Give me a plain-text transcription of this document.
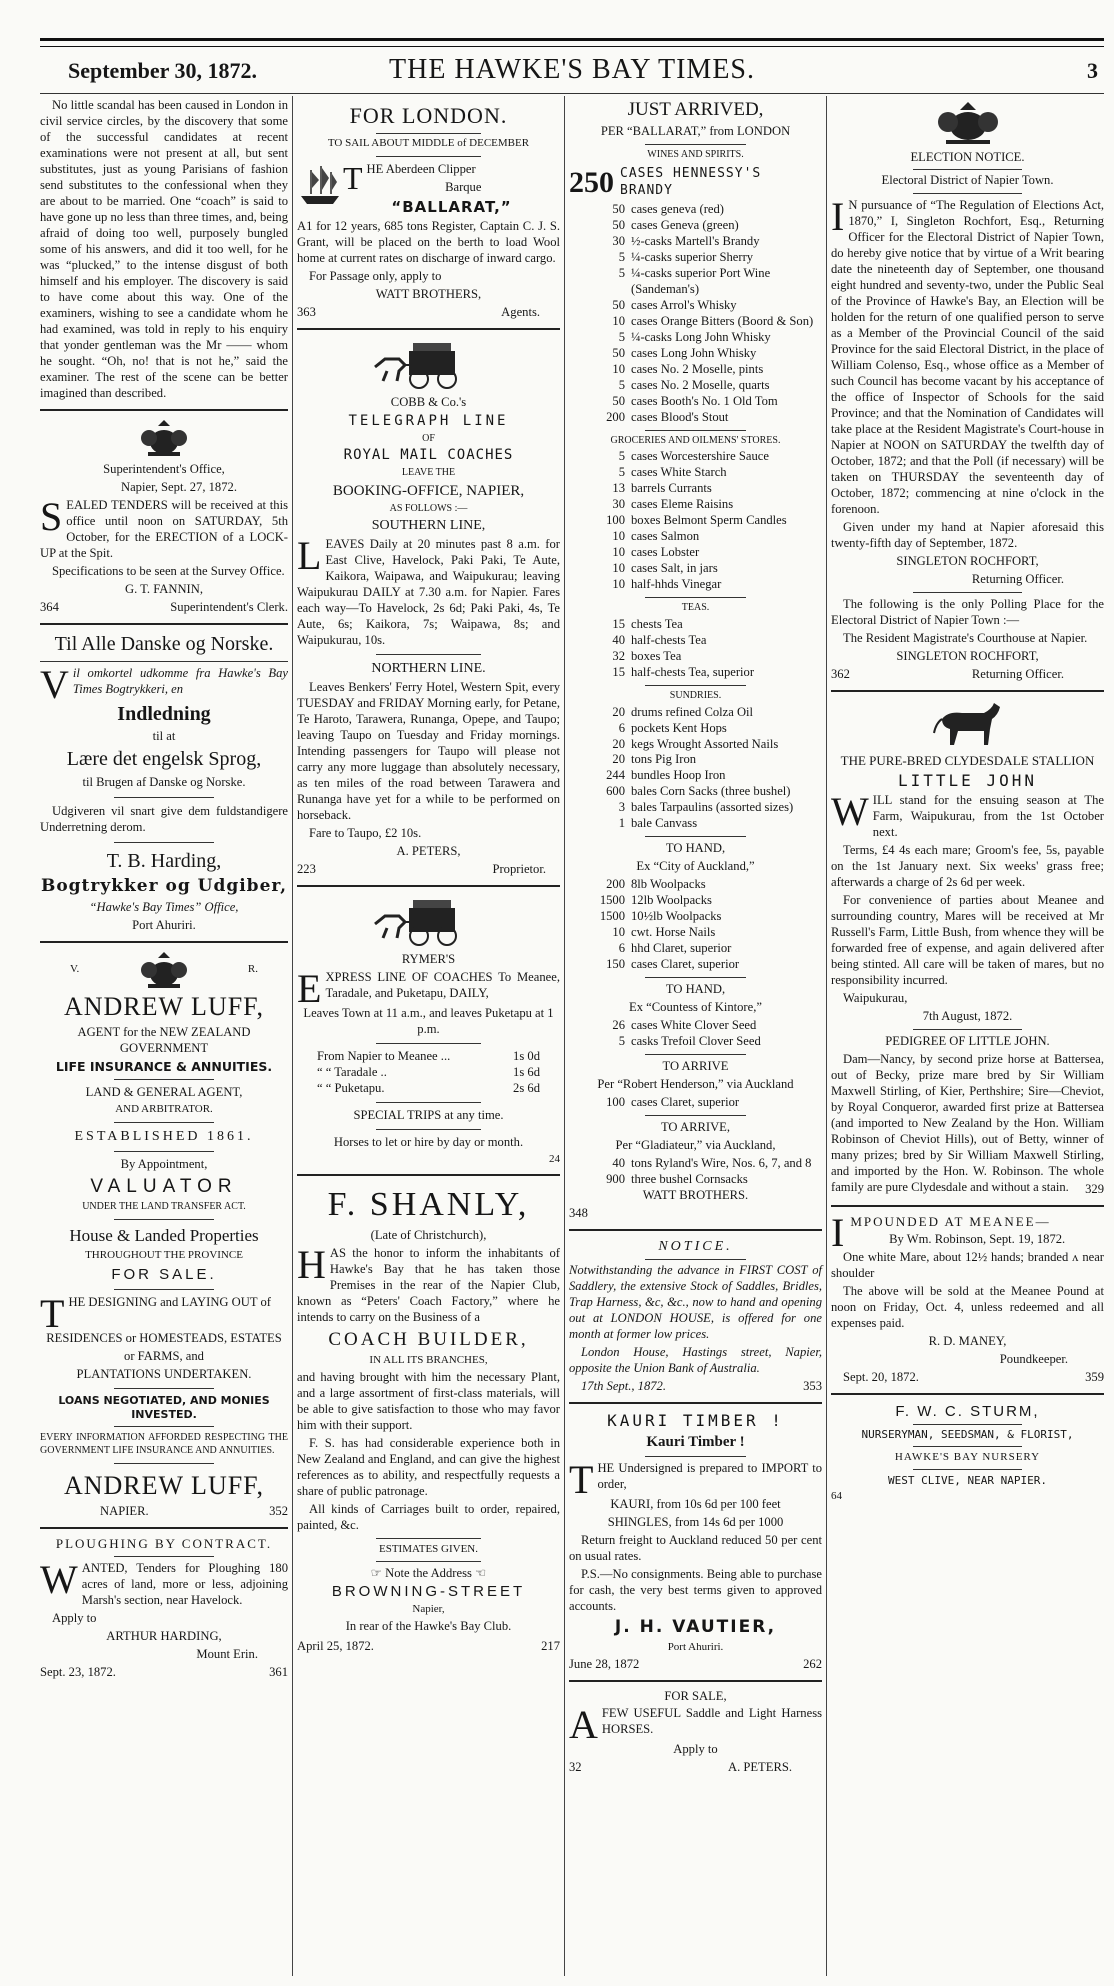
September 30, 1872.	THE HAWKE'S BAY TIMES.	3

No little scandal has been caused in London in civil service circles, by the discovery that some of the successful candidates at recent examinations were not present at all, but sent substitutes, just as young Parisians of fashion send substitutes to the confessional when they are about to be married. One “coach” is said to have gone up no less than three times, and, being afraid of doing too well, purposely bungled some of his answers, and did it too well, for he was “plucked,” to the intense disgust of both himself and his employer. The discovery is said to have come about this way. One of the examiners, wishing to see a candidate whom he had examined, was told in reply to his enquiry that yonder gentleman was the Mr —— whom he sought. “Oh, no! that is not he,” said the examiner. The rest of the scene can be better imagined than described.

Superintendent's Office,

Napier, Sept. 27, 1872.

SEALED TENDERS will be received at this office until noon on SATURDAY, 5th October, for the ERECTION of a LOCK-UP at the Spit.

Specifications to be seen at the Survey Office.

G. T. FANNIN,

364	Superintendent's Clerk.

Til Alle Danske og Norske.

Vil omkortel udkomme fra Hawke's Bay Times Bogtrykkeri, en

Indledning

til at

Lære det engelsk Sprog,

til Brugen af Danske og Norske.

Udgiveren vil snart give dem fuldstandigere Underretning derom.

T. B. Harding,

Bogtrykker og Udgiber,

“Hawke's Bay Times” Office,

Port Ahuriri.

V.	R.

ANDREW LUFF,

AGENT for the NEW ZEALAND GOVERNMENT

LIFE INSURANCE & ANNUITIES.

LAND & GENERAL AGENT,

AND ARBITRATOR.

ESTABLISHED 1861.

By Appointment,

VALUATOR

UNDER THE LAND TRANSFER ACT.

House & Landed Properties

THROUGHOUT THE PROVINCE

FOR SALE.

THE DESIGNING and LAYING OUT of

RESIDENCES or HOMESTEADS, ESTATES

or FARMS, and

PLANTATIONS UNDERTAKEN.

LOANS NEGOTIATED, AND MONIES INVESTED.

EVERY INFORMATION AFFORDED RESPECTING THE GOVERNMENT LIFE INSURANCE AND ANNUITIES.

ANDREW LUFF,

NAPIER.	352

PLOUGHING BY CONTRACT.

WANTED, Tenders for Ploughing 180 acres of land, more or less, adjoining Marsh's section, near Havelock.

Apply to

ARTHUR HARDING,

Mount Erin.

Sept. 23, 1872.	361

FOR LONDON.

TO SAIL ABOUT MIDDLE of DECEMBER

THE Aberdeen Clipper

Barque

“BALLARAT,”

A1 for 12 years, 685 tons Register, Captain C. J. S. Grant, will be placed on the berth to load Wool home at current rates on discharge of inward cargo.

For Passage only, apply to

WATT BROTHERS,

363	Agents.

COBB & Co.'s

TELEGRAPH LINE

OF

ROYAL MAIL COACHES

LEAVE THE

BOOKING-OFFICE, NAPIER,

AS FOLLOWS :—

SOUTHERN LINE,

LEAVES Daily at 20 minutes past 8 a.m. for East Clive, Havelock, Paki Paki, Te Aute, Kaikora, Waipawa, and Waipukurau; leaving Waipukurau DAILY at 7.30 a.m. for Napier. Fares each way—To Havelock, 2s 6d; Paki Paki, 4s, Te Aute, 6s; Kaikora, 7s; Waipawa, 8s; and Waipukurau, 10s.

NORTHERN LINE.

Leaves Benkers' Ferry Hotel, Western Spit, every TUESDAY and FRIDAY Morning early, for Petane, Te Haroto, Tarawera, Runanga, Opepe, and Taupo; leaving Taupo on Tuesday and Friday mornings. Intending passengers for Taupo will please not carry any more luggage than absolutely necessary, as ten miles of the road between Tarawera and Runanga have yet for a while to be performed on horseback.

Fare to Taupo, £2 10s.

A. PETERS,

223	Proprietor.

RYMER'S

EXPRESS LINE OF COACHES To Meanee, Taradale, and Puketapu, DAILY,

Leaves Town at 11 a.m., and leaves Puketapu at 1 p.m.

From Napier to Meanee ...	1s 0d
“ “ Taradale ..	1s 6d
“ “ Puketapu.	2s 6d

SPECIAL TRIPS at any time.

Horses to let or hire by day or month.

24

F. SHANLY,

(Late of Christchurch),

HAS the honor to inform the inhabitants of Hawke's Bay that he has taken those Premises in the rear of the Napier Club, known as “Peters' Coach Factory,” where he intends to carry on the Business of a

COACH BUILDER,

IN ALL ITS BRANCHES,

and having brought with him the necessary Plant, and a large assortment of first-class materials, will be able to give satisfaction to those who may favor him with their support.

F. S. has had considerable experience both in New Zealand and England, and can give the highest references as to ability, and respectfully requests a share of public patronage.

All kinds of Carriages built to order, repaired, painted, &c.

ESTIMATES GIVEN.

☞ Note the Address ☜

BROWNING-STREET

Napier,

In rear of the Hawke's Bay Club.

April 25, 1872.	217

JUST ARRIVED,

PER “BALLARAT,” from LONDON

WINES AND SPIRITS.

250 CASES HENNESSY'S BRANDY
50 cases geneva (red)
50 cases Geneva (green)
30 ½-casks Martell's Brandy
5 ¼-casks superior Sherry
5 ¼-casks superior Port Wine (Sandeman's)
50 cases Arrol's Whisky
10 cases Orange Bitters (Boord & Son)
5 ¼-casks Long John Whisky
50 cases Long John Whisky
10 cases No. 2 Moselle, pints
5 cases No. 2 Moselle, quarts
50 cases Booth's No. 1 Old Tom
200 cases Blood's Stout

GROCERIES AND OILMENS' STORES.

5 cases Worcestershire Sauce
5 cases White Starch
13 barrels Currants
30 cases Eleme Raisins
100 boxes Belmont Sperm Candles
10 cases Salmon
10 cases Lobster
10 cases Salt, in jars
10 half-hhds Vinegar

TEAS.

15 chests Tea
40 half-chests Tea
32 boxes Tea
15 half-chests Tea, superior

SUNDRIES.

20 drums refined Colza Oil
6 pockets Kent Hops
20 kegs Wrought Assorted Nails
20 tons Pig Iron
244 bundles Hoop Iron
600 bales Corn Sacks (three bushel)
3 bales Tarpaulins (assorted sizes)
1 bale Canvass

TO HAND,

Ex “City of Auckland,”

200 8lb Woolpacks
1500 12lb Woolpacks
1500 10½lb Woolpacks
10 cwt. Horse Nails
6 hhd Claret, superior
150 cases Claret, superior

TO HAND,

Ex “Countess of Kintore,”

26 cases White Clover Seed
5 casks Trefoil Clover Seed

TO ARRIVE

Per “Robert Henderson,” via Auckland

100 cases Claret, superior

TO ARRIVE,

Per “Gladiateur,” via Auckland,

40 tons Ryland's Wire, Nos. 6, 7, and 8
900 three bushel Cornsacks

WATT BROTHERS.

348

NOTICE.

Notwithstanding the advance in FIRST COST of Saddlery, the extensive Stock of Saddles, Bridles, Trap Harness, &c, &c., now to hand and opening out at LONDON HOUSE, is offered for one month at former low prices.

London House, Hastings street, Napier, opposite the Union Bank of Australia.

17th Sept., 1872.	353

KAURI TIMBER !

Kauri Timber !

THE Undersigned is prepared to IMPORT to order,

KAURI, from 10s 6d per 100 feet

SHINGLES, from 14s 6d per 1000

Return freight to Auckland reduced 50 per cent on usual rates.

P.S.—No consignments. Being able to purchase for cash, the very best terms given to approved accounts.

J. H. VAUTIER,

Port Ahuriri.

June 28, 1872	262

FOR SALE,

AFEW USEFUL Saddle and Light Harness HORSES.

Apply to

32	A. PETERS.

ELECTION NOTICE.

Electoral District of Napier Town.

I N pursuance of “The Regulation of Elections Act, 1870,” I, Singleton Rochfort, Esq., Returning Officer for the Electoral District of Napier Town, do hereby give notice that by virtue of a Writ bearing date the nineteenth day of September, one thousand eight hundred and seventy-two, under the Public Seal of the Province of Hawke's Bay, an Election will be holden for the return of one qualified person to serve as a Member of the Provincial Council of the said Province for the said Electoral District, in the place of William Colenso, Esq., whose office as a Member of such Council has become vacant by his acceptance of the office of Inspector of Schools for the said Province; and that the Nomination of Candidates will take place at the Resident Magistrate's Court-house in Napier at NOON on SATURDAY the twelfth day of October, 1872; and that the Poll (if necessary) will be taken on THURSDAY the seventeenth day of October, 1872; commencing at nine o'clock in the forenoon.

Given under my hand at Napier aforesaid this twenty-fifth day of September, 1872.

SINGLETON ROCHFORT,

Returning Officer.

The following is the only Polling Place for the Electoral District of Napier Town :—

The Resident Magistrate's Courthouse at Napier.

SINGLETON ROCHFORT,

362	Returning Officer.

THE PURE-BRED CLYDESDALE STALLION

LITTLE JOHN

WILL stand for the ensuing season at The Farm, Waipukurau, from the 1st October next.

Terms, £4 4s each mare; Groom's fee, 5s, payable on the 1st January next. Six weeks' grass free; afterwards a charge of 2s 6d per week.

For convenience of parties about Meanee and surrounding country, Mares will be received at Mr Russell's Farm, Little Bush, from whence they will be forwarded free of expense, and again delivered after being stinted. All care will be taken of mares, but no responsibility incurred.

Waipukurau,

7th August, 1872.

PEDIGREE OF LITTLE JOHN.

Dam—Nancy, by second prize horse at Battersea, out of Becky, prize mare bred by Sir William Maxwell Stirling, of Kier, Perthshire; Sire—Cheviot, by Royal Conqueror, awarded first prize at Battersea (and imported to New Zealand by the Hon. William Robinson of Cheviot Hills), out of Betty, winner of many prizes; bred by Sir William Maxwell Stirling, and imported by the Hon. W. Robinson. The whole family are pure Clydesdale and without a stain.	329

IMPOUNDED AT MEANEE—

By Wm. Robinson, Sept. 19, 1872.

One white Mare, about 12½ hands; branded ʌ near shoulder

The above will be sold at the Meanee Pound at noon on Friday, Oct. 4, unless redeemed and all expenses paid.

R. D. MANEY,

Poundkeeper.

Sept. 20, 1872.	359

F. W. C. STURM,

NURSERYMAN, SEEDSMAN, & FLORIST,

HAWKE'S BAY NURSERY

WEST CLIVE, NEAR NAPIER.

64
